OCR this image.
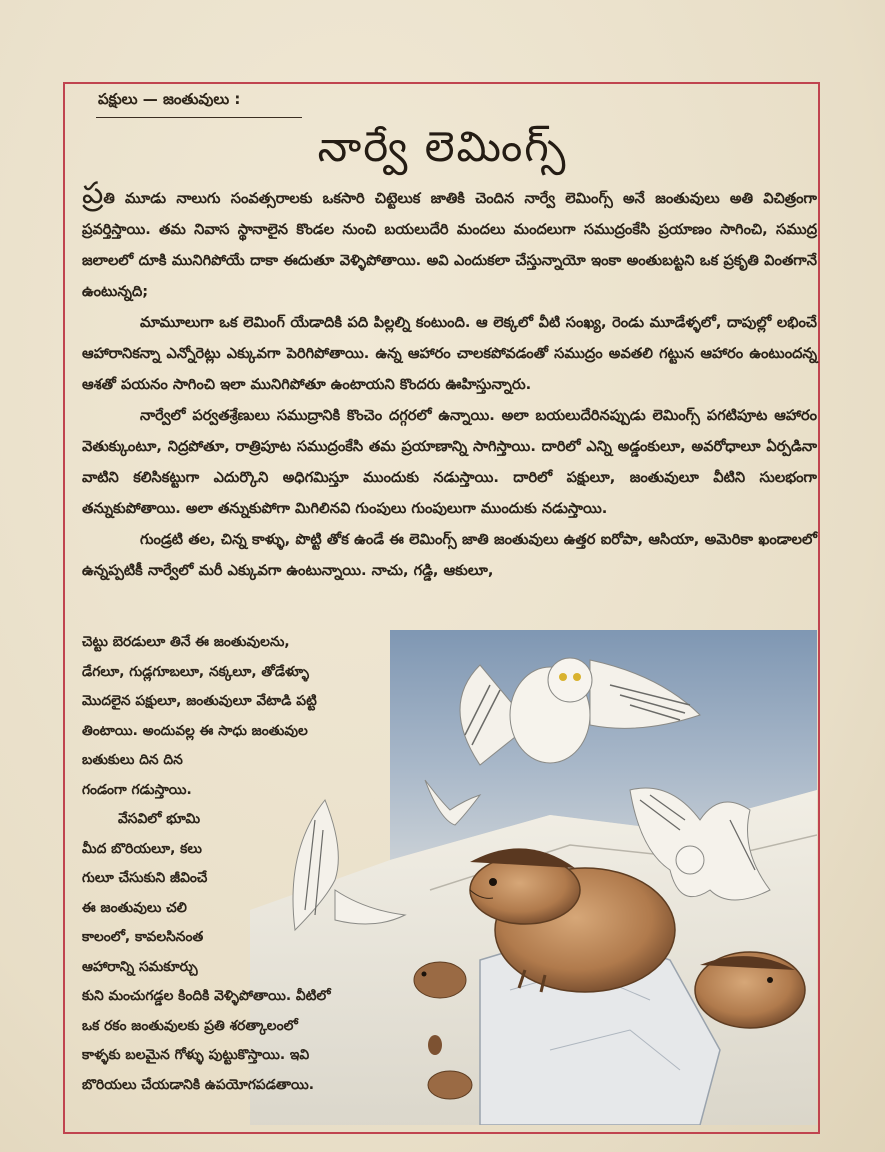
పక్షులు — జంతువులు :
నార్వే లెమింగ్స్

ప్రతి మూడు నాలుగు సంవత్సరాలకు ఒకసారి చిట్టెలుక జాతికి చెందిన నార్వే లెమింగ్స్ అనే జంతువులు అతి విచిత్రంగా ప్రవర్తిస్తాయి. తమ నివాస స్థానాలైన కొండల నుంచి బయలుదేరి మందలు మందలుగా సముద్రంకేసి ప్రయాణం సాగించి, సముద్ర జలాలలో దూకి మునిగిపోయే దాకా ఈదుతూ వెళ్ళిపోతాయి. అవి ఎందుకలా చేస్తున్నాయో ఇంకా అంతుబట్టని ఒక ప్రకృతి వింతగానే ఉంటున్నది;

మామూలుగా ఒక లెమింగ్ యేడాదికి పది పిల్లల్ని కంటుంది. ఆ లెక్కలో వీటి సంఖ్య, రెండు మూడేళ్ళలో, దాపుల్లో లభించే ఆహారానికన్నా ఎన్నోరెట్లు ఎక్కువగా పెరిగిపోతాయి. ఉన్న ఆహారం చాలకపోవడంతో సముద్రం అవతలి గట్టున ఆహారం ఉంటుందన్న ఆశతో పయనం సాగించి ఇలా మునిగిపోతూ ఉంటాయని కొందరు ఊహిస్తున్నారు.

నార్వేలో పర్వతశ్రేణులు సముద్రానికి కొంచెం దగ్గరలో ఉన్నాయి. అలా బయలుదేరినప్పుడు లెమింగ్స్ పగటిపూట ఆహారం వెతుక్కుంటూ, నిద్రపోతూ, రాత్రిపూట సముద్రంకేసి తమ ప్రయాణాన్ని సాగిస్తాయి. దారిలో ఎన్ని అడ్డంకులూ, అవరోధాలూ ఏర్పడినా వాటిని కలిసికట్టుగా ఎదుర్కొని అధిగమిస్తూ ముందుకు నడుస్తాయి. దారిలో పక్షులూ, జంతువులూ వీటిని సులభంగా తన్నుకుపోతాయి. అలా తన్నుకుపోగా మిగిలినవి గుంపులు గుంపులుగా ముందుకు నడుస్తాయి.

గుండ్రటి తల, చిన్న కాళ్ళు, పొట్టి తోక ఉండే ఈ లెమింగ్స్ జాతి జంతువులు ఉత్తర ఐరోపా, ఆసియా, అమెరికా ఖండాలలో ఉన్నప్పటికీ నార్వేలో మరీ ఎక్కువగా ఉంటున్నాయి. నాచు, గడ్డి, ఆకులూ,

చెట్టు బెరడులూ తినే ఈ జంతువులను,

డేగలూ, గుడ్లగూబలూ, నక్కలూ, తోడేళ్ళూ

మొదలైన పక్షులూ, జంతువులూ వేటాడి పట్టి

తింటాయి. అందువల్ల ఈ సాధు జంతువుల

బతుకులు దిన దిన

గండంగా గడుస్తాయి.

వేసవిలో భూమి

మీద బొరియలూ, కలు

గులూ చేసుకుని జీవించే

ఈ జంతువులు చలి

కాలంలో, కావలసినంత

ఆహారాన్ని సమకూర్చు

కుని మంచుగడ్డల కిందికి వెళ్ళిపోతాయి. వీటిలో

ఒక రకం జంతువులకు ప్రతి శరత్కాలంలో

కాళ్ళకు బలమైన గోళ్ళు పుట్టుకొస్తాయి. ఇవి

బొరియలు చేయడానికి ఉపయోగపడతాయి.
